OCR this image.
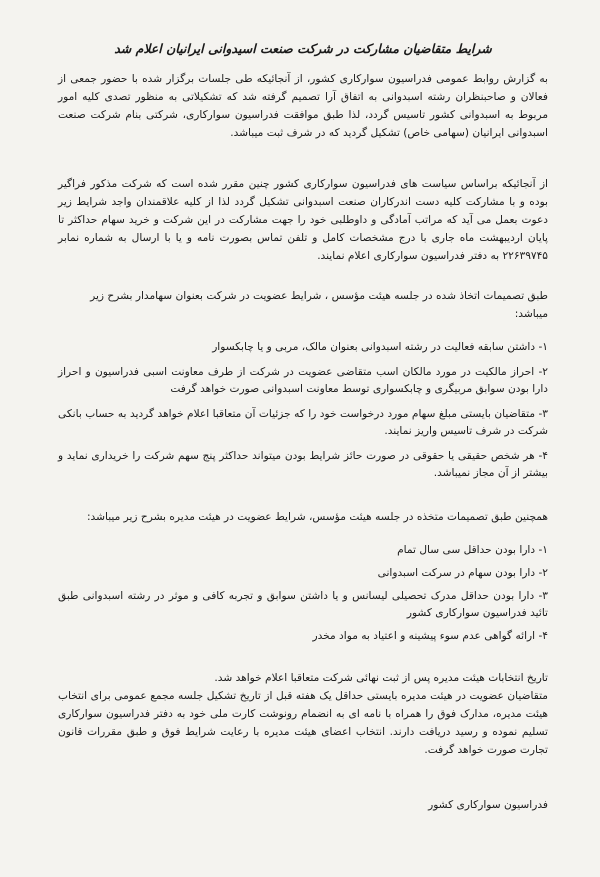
شرایط متقاضیان مشارکت در شرکت صنعت اسیدوانی ایرانیان اعلام شد

به گزارش روابط عمومی فدراسیون سوارکاری کشور، از آنجائیکه طی جلسات برگزار شده با حضور جمعی از فعالان و صاحبنظران رشته اسبدوانی به اتفاق آرا تصمیم گرفته شد که تشکیلاتی به منظور تصدی کلیه امور مربوط به اسبدوانی کشور تاسیس گردد، لذا طبق موافقت فدراسیون سوارکاری، شرکتی بنام شرکت صنعت اسبدوانی ایرانیان (سهامی خاص) تشکیل گردید که در شرف ثبت میباشد.

از آنجائیکه براساس سیاست های فدراسیون سوارکاری کشور چنین مقرر شده است که شرکت مذکور فراگیر بوده و با مشارکت کلیه دست اندرکاران صنعت اسبدوانی تشکیل گردد لذا از کلیه علاقمندان واجد شرایط زیر دعوت بعمل می آید که مراتب آمادگی و داوطلبی خود را جهت مشارکت در این شرکت و خرید سهام حداکثر تا پایان اردیبهشت ماه جاری با درج مشخصات کامل و تلفن تماس بصورت نامه و یا با ارسال به شماره نمابر ۲۲۶۳۹۷۴۵ به دفتر فدراسیون سوارکاری اعلام نمایند.

طبق تصمیمات اتخاذ شده در جلسه هیئت مؤسس ، شرایط عضویت در شرکت بعنوان سهامدار بشرح زیر میباشد:

۱- داشتن سابقه فعالیت در رشته اسبدوانی بعنوان مالک، مربی و یا چابکسوار
۲- احراز مالکیت در مورد مالکان اسب متقاضی عضویت در شرکت از طرف معاونت اسبی فدراسیون و احراز دارا بودن سوابق مربیگری و چابکسواری توسط معاونت اسبدوانی صورت خواهد گرفت
۳- متقاضیان بایستی مبلغ سهام مورد درخواست خود را که جزئیات آن متعاقبا اعلام خواهد گردید به حساب بانکی شرکت در شرف تاسیس واریز نمایند.
۴- هر شخص حقیقی یا حقوقی در صورت حائز شرایط بودن میتواند حداکثر پنج سهم شرکت را خریداری نماید و بیشتر از آن مجاز نمیباشد.

همچنین طبق تصمیمات متخذه در جلسه هیئت مؤسس، شرایط عضویت در هیئت مدیره بشرح زیر میباشد:

۱- دارا بودن حداقل سی سال تمام
۲- دارا بودن سهام در سرکت اسبدوانی
۳- دارا بودن حداقل مدرک تحصیلی لیسانس و یا داشتن سوابق و تجربه کافی و موثر در رشته اسبدوانی طبق تائید فدراسیون سوارکاری کشور
۴- ارائه گواهی عدم سوء پیشینه و اعتیاد به مواد مخدر

تاریخ انتخابات هیئت مدیره پس از ثبت نهائی شرکت متعاقبا اعلام خواهد شد.

متقاضیان عضویت در هیئت مدیره بایستی حداقل یک هفته قبل از تاریخ تشکیل جلسه مجمع عمومی برای انتخاب هیئت مدیره، مدارک فوق را همراه با نامه ای به انضمام رونوشت کارت ملی خود به دفتر فدراسیون سوارکاری تسلیم نموده و رسید دریافت دارند. انتخاب اعضای هیئت مدیره با رعایت شرایط فوق و طبق مقررات قانون تجارت صورت خواهد گرفت.

فدراسیون سوارکاری کشور
